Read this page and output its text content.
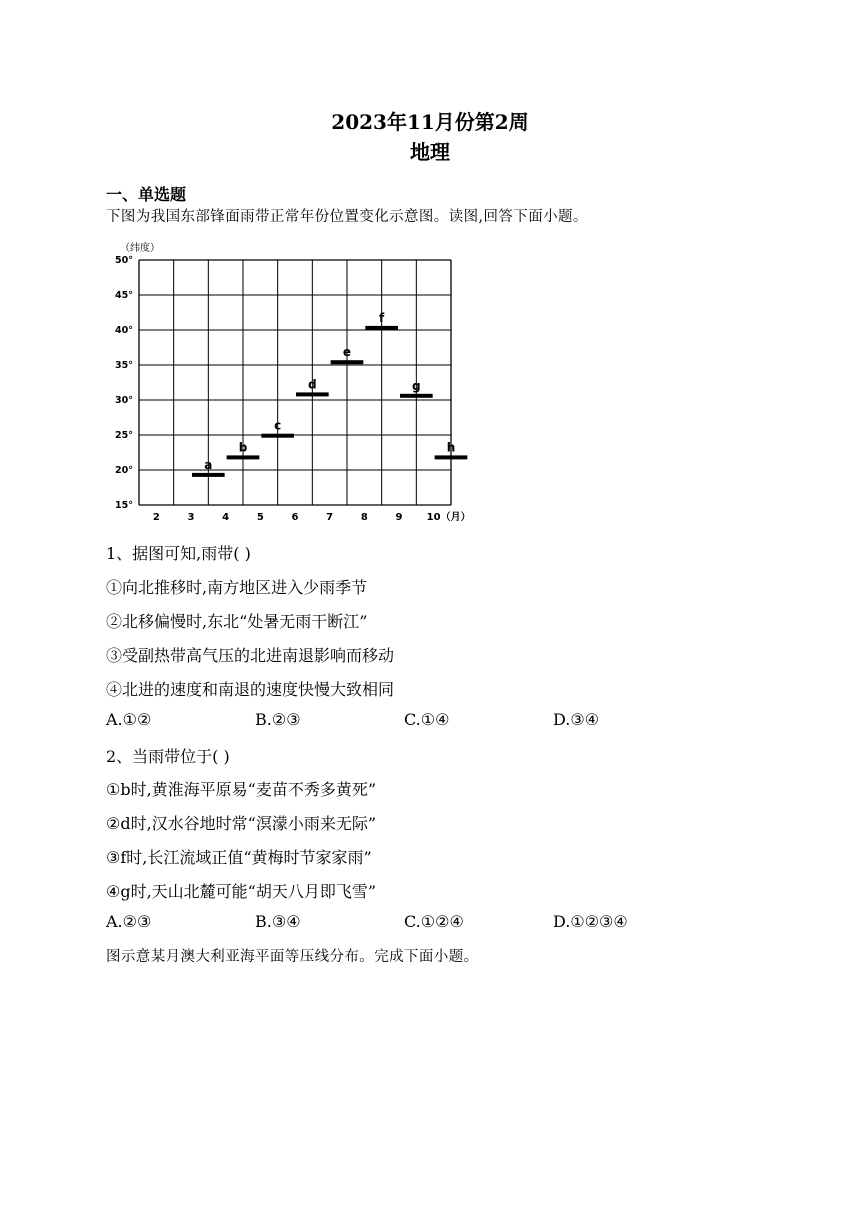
2023年11月份第2周
地理
一、单选题
下图为我国东部锋面雨带正常年份位置变化示意图。读图,回答下面小题。
50°
45°
40°
35°
30°
25°
20°
15°
2	3	4	5	6	7	8	9 10（月）
a
b
c
d
e
f
g
h
（纬度）
1、据图可知,雨带( )
①向北推移时,南方地区进入少雨季节
②北移偏慢时,东北“处暑无雨干断江”
③受副热带高气压的北进南退影响而移动
④北进的速度和南退的速度快慢大致相同
A.①②	B.②③	C.①④	D.③④
2、当雨带位于( )
①b时,黄淮海平原易“麦苗不秀多黄死”
②d时,汉水谷地时常“溟濛小雨来无际”
③f时,长江流域正值“黄梅时节家家雨”
④g时,天山北麓可能“胡天八月即飞雪”
A.②③	B.③④	C.①②④	D.①②③④
图示意某月澳大利亚海平面等压线分布。完成下面小题。
